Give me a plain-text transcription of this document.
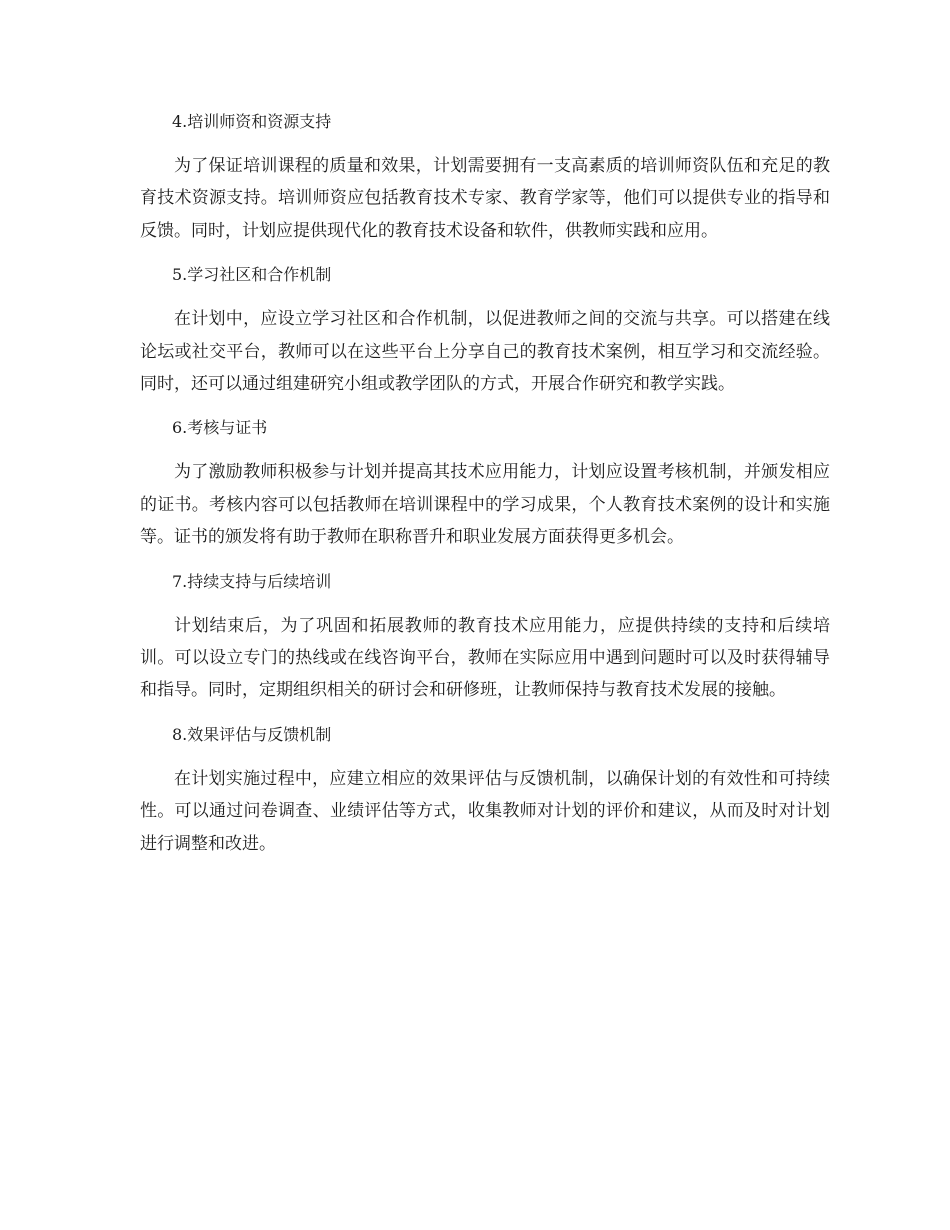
4.培训师资和资源支持

为了保证培训课程的质量和效果，计划需要拥有一支高素质的培训师资队伍和充足的教育技术资源支持。培训师资应包括教育技术专家、教育学家等，他们可以提供专业的指导和反馈。同时，计划应提供现代化的教育技术设备和软件，供教师实践和应用。

5.学习社区和合作机制

在计划中，应设立学习社区和合作机制，以促进教师之间的交流与共享。可以搭建在线论坛或社交平台，教师可以在这些平台上分享自己的教育技术案例，相互学习和交流经验。同时，还可以通过组建研究小组或教学团队的方式，开展合作研究和教学实践。

6.考核与证书

为了激励教师积极参与计划并提高其技术应用能力，计划应设置考核机制，并颁发相应的证书。考核内容可以包括教师在培训课程中的学习成果，个人教育技术案例的设计和实施等。证书的颁发将有助于教师在职称晋升和职业发展方面获得更多机会。

7.持续支持与后续培训

计划结束后，为了巩固和拓展教师的教育技术应用能力，应提供持续的支持和后续培训。可以设立专门的热线或在线咨询平台，教师在实际应用中遇到问题时可以及时获得辅导和指导。同时，定期组织相关的研讨会和研修班，让教师保持与教育技术发展的接触。

8.效果评估与反馈机制

在计划实施过程中，应建立相应的效果评估与反馈机制，以确保计划的有效性和可持续性。可以通过问卷调查、业绩评估等方式，收集教师对计划的评价和建议，从而及时对计划进行调整和改进。
